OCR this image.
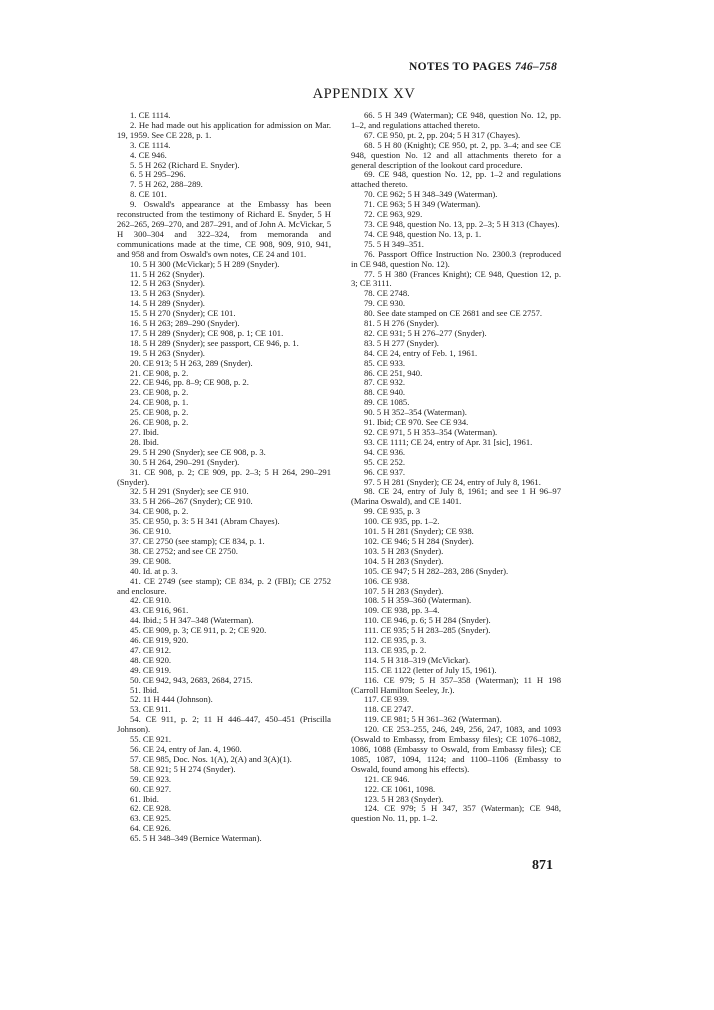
NOTES TO PAGES 746–758
APPENDIX XV

1. CE 1114.

2. He had made out his application for admission on Mar. 19, 1959. See CE 228, p. 1.

3. CE 1114.

4. CE 946.

5. 5 H 262 (Richard E. Snyder).

6. 5 H 295–296.

7. 5 H 262, 288–289.

8. CE 101.

9. Oswald's appearance at the Embassy has been reconstructed from the testimony of Richard E. Snyder, 5 H 262–265, 269–270, and 287–291, and of John A. McVickar, 5 H 300–304 and 322–324, from memoranda and communications made at the time, CE 908, 909, 910, 941, and 958 and from Oswald's own notes, CE 24 and 101.

10. 5 H 300 (McVickar); 5 H 289 (Snyder).

11. 5 H 262 (Snyder).

12. 5 H 263 (Snyder).

13. 5 H 263 (Snyder).

14. 5 H 289 (Snyder).

15. 5 H 270 (Snyder); CE 101.

16. 5 H 263; 289–290 (Snyder).

17. 5 H 289 (Snyder); CE 908, p. 1; CE 101.

18. 5 H 289 (Snyder); see passport, CE 946, p. 1.

19. 5 H 263 (Snyder).

20. CE 913; 5 H 263, 289 (Snyder).

21. CE 908, p. 2.

22. CE 946, pp. 8–9; CE 908, p. 2.

23. CE 908, p. 2.

24. CE 908, p. 1.

25. CE 908, p. 2.

26. CE 908, p. 2.

27. Ibid.

28. Ibid.

29. 5 H 290 (Snyder); see CE 908, p. 3.

30. 5 H 264, 290–291 (Snyder).

31. CE 908, p. 2; CE 909, pp. 2–3; 5 H 264, 290–291 (Snyder).

32. 5 H 291 (Snyder); see CE 910.

33. 5 H 266–267 (Snyder); CE 910.

34. CE 908, p. 2.

35. CE 950, p. 3: 5 H 341 (Abram Chayes).

36. CE 910.

37. CE 2750 (see stamp); CE 834, p. 1.

38. CE 2752; and see CE 2750.

39. CE 908.

40. Id. at p. 3.

41. CE 2749 (see stamp); CE 834, p. 2 (FBI); CE 2752 and enclosure.

42. CE 910.

43. CE 916, 961.

44. Ibid.; 5 H 347–348 (Waterman).

45. CE 909, p. 3; CE 911, p. 2; CE 920.

46. CE 919, 920.

47. CE 912.

48. CE 920.

49. CE 919.

50. CE 942, 943, 2683, 2684, 2715.

51. Ibid.

52. 11 H 444 (Johnson).

53. CE 911.

54. CE 911, p. 2; 11 H 446–447, 450–451 (Priscilla Johnson).

55. CE 921.

56. CE 24, entry of Jan. 4, 1960.

57. CE 985, Doc. Nos. 1(A), 2(A) and 3(A)(1).

58. CE 921; 5 H 274 (Snyder).

59. CE 923.

60. CE 927.

61. Ibid.

62. CE 928.

63. CE 925.

64. CE 926.

65. 5 H 348–349 (Bernice Waterman).

66. 5 H 349 (Waterman); CE 948, question No. 12, pp. 1–2, and regulations attached thereto.

67. CE 950, pt. 2, pp. 204; 5 H 317 (Chayes).

68. 5 H 80 (Knight); CE 950, pt. 2, pp. 3–4; and see CE 948, question No. 12 and all attachments thereto for a general description of the lookout card procedure.

69. CE 948, question No. 12, pp. 1–2 and regulations attached thereto.

70. CE 962; 5 H 348–349 (Waterman).

71. CE 963; 5 H 349 (Waterman).

72. CE 963, 929.

73. CE 948, question No. 13, pp. 2–3; 5 H 313 (Chayes).

74. CE 948, question No. 13, p. 1.

75. 5 H 349–351.

76. Passport Office Instruction No. 2300.3 (reproduced in CE 948, question No. 12).

77. 5 H 380 (Frances Knight); CE 948, Question 12, p. 3; CE 3111.

78. CE 2748.

79. CE 930.

80. See date stamped on CE 2681 and see CE 2757.

81. 5 H 276 (Snyder).

82. CE 931; 5 H 276–277 (Snyder).

83. 5 H 277 (Snyder).

84. CE 24, entry of Feb. 1, 1961.

85. CE 933.

86. CE 251, 940.

87. CE 932.

88. CE 940.

89. CE 1085.

90. 5 H 352–354 (Waterman).

91. Ibid; CE 970. See CE 934.

92. CE 971, 5 H 353–354 (Waterman).

93. CE 1111; CE 24, entry of Apr. 31 [sic], 1961.

94. CE 936.

95. CE 252.

96. CE 937.

97. 5 H 281 (Snyder); CE 24, entry of July 8, 1961.

98. CE 24, entry of July 8, 1961; and see 1 H 96–97 (Marina Oswald), and CE 1401.

99. CE 935, p. 3

100. CE 935, pp. 1–2.

101. 5 H 281 (Snyder); CE 938.

102. CE 946; 5 H 284 (Snyder).

103. 5 H 283 (Snyder).

104. 5 H 283 (Snyder).

105. CE 947; 5 H 282–283, 286 (Snyder).

106. CE 938.

107. 5 H 283 (Snyder).

108. 5 H 359–360 (Waterman).

109. CE 938, pp. 3–4.

110. CE 946, p. 6; 5 H 284 (Snyder).

111. CE 935; 5 H 283–285 (Snyder).

112. CE 935, p. 3.

113. CE 935, p. 2.

114. 5 H 318–319 (McVickar).

115. CE 1122 (letter of July 15, 1961).

116. CE 979; 5 H 357–358 (Waterman); 11 H 198 (Carroll Hamilton Seeley, Jr.).

117. CE 939.

118. CE 2747.

119. CE 981; 5 H 361–362 (Waterman).

120. CE 253–255, 246, 249, 256, 247, 1083, and 1093 (Oswald to Embassy, from Embassy files); CE 1076–1082, 1086, 1088 (Embassy to Oswald, from Embassy files); CE 1085, 1087, 1094, 1124; and 1100–1106 (Embassy to Oswald, found among his effects).

121. CE 946.

122. CE 1061, 1098.

123. 5 H 283 (Snyder).

124. CE 979; 5 H 347, 357 (Waterman); CE 948, question No. 11, pp. 1–2.

871
